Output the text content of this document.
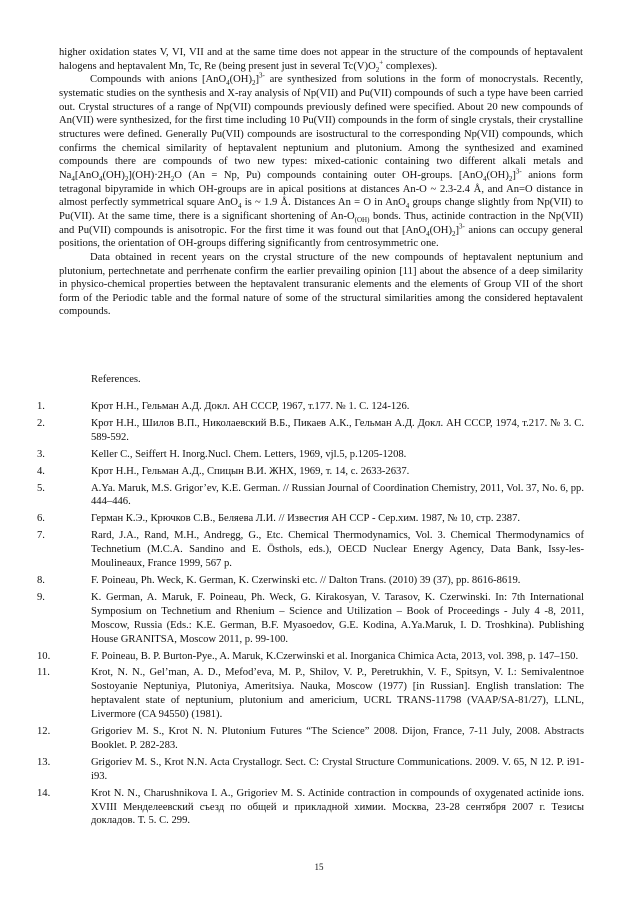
higher oxidation states V, VI, VII and at the same time does not appear in the structure of the compounds of heptavalent halogens and heptavalent Mn, Tc, Re (being present just in several $Tc(V)O_2^+$ complexes).

Compounds with anions $[AnO_4(OH)_2]^{3-}$ are synthesized from solutions in the form of monocrystals. Recently, systematic studies on the synthesis and X-ray analysis of Np(VII) and Pu(VII) compounds of such a type have been carried out. Crystal structures of a range of Np(VII) compounds previously defined were specified. About 20 new compounds of An(VII) were synthesized, for the first time including 10 Pu(VII) compounds in the form of single crystals, their crystalline structures were defined. Generally Pu(VII) compounds are isostructural to the corresponding Np(VII) compounds, which confirms the chemical similarity of heptavalent neptunium and plutonium. Among the synthesized and examined compounds there are compounds of two new types: mixed-cationic containing two different alkali metals and $Na_4[AnO_4(OH)_2](OH)\cdot 2H_2O$ (An = Np, Pu) compounds containing outer OH-groups. $[AnO_4(OH)_2]^{3-}$ anions form tetragonal bipyramide in which OH-groups are in apical positions at distances An-O ~ 2.3-2.4 Å, and An=O distance in almost perfectly symmetrical square AnO$_4$ is ~ 1.9 Å. Distances An = O in AnO$_4$ groups change slightly from Np(VII) to Pu(VII). At the same time, there is a significant shortening of $An-O_{(OH)}$ bonds. Thus, actinide contraction in the Np(VII) and Pu(VII) compounds is anisotropic. For the first time it was found out that $[AnO_4(OH)_2]^{3-}$ anions can occupy general positions, the orientation of OH-groups differing significantly from centrosymmetric one.

Data obtained in recent years on the crystal structure of the new compounds of heptavalent neptunium and plutonium, pertechnetate and perrhenate confirm the earlier prevailing opinion [11] about the absence of a deep similarity in physico-chemical properties between the heptavalent transuranic elements and the elements of Group VII of the short form of the Periodic table and the formal nature of some of the structural similarities among the considered heptavalent compounds.

References.
1.	Крот Н.Н., Гельман А.Д. Докл. АН СССР, 1967, т.177. № 1. С. 124-126.
2.	Крот Н.Н., Шилов В.П., Николаевский В.Б., Пикаев А.К., Гельман А.Д. Докл. АН СССР, 1974, т.217. № 3. С. 589-592.
3.	Keller C., Seiffert H. Inorg.Nucl. Chem. Letters, 1969, vjl.5, p.1205-1208.
4.	Крот Н.Н., Гельман А.Д., Спицын В.И. ЖНХ, 1969, т. 14, с. 2633-2637.
5.	A.Ya. Maruk, M.S. Grigor’ev, K.E. German. // Russian Journal of Coordination Chemistry, 2011, Vol. 37, No. 6, pp. 444–446.
6.	Герман К.Э., Крючков С.В., Беляева Л.И. // Известия АН ССР - Сер.хим. 1987, № 10, стр. 2387.
7.	Rard, J.A., Rand, M.H., Andregg, G., Etc. Chemical Thermodynamics, Vol. 3. Chemical Thermodynamics of Technetium (M.C.A. Sandino and E. Östhols, eds.), OECD Nuclear Energy Agency, Data Bank, Issy-les-Moulineaux, France 1999, 567 p.
8.	F. Poineau, Ph. Weck, K. German, K. Czerwinski etc. // Dalton Trans. (2010) 39 (37), pp. 8616-8619.
9.	K. German, A. Maruk, F. Poineau, Ph. Weck, G. Kirakosyan, V. Tarasov, K. Czerwinski. In: 7th International Symposium on Technetium and Rhenium – Science and Utilization – Book of Proceedings - July 4 -8, 2011, Moscow, Russia (Eds.: K.E. German, B.F. Myasoedov, G.E. Kodina, A.Ya.Maruk, I. D. Troshkina). Publishing House GRANITSA, Moscow 2011, p. 99-100.
10.	F. Poineau, B. P. Burton-Pye., A. Maruk, K.Czerwinski et al. Inorganica Chimica Acta, 2013, vol. 398, p. 147–150.
11.	Krot, N. N., Gel’man, A. D., Mefod’eva, M. P., Shilov, V. P., Peretrukhin, V. F., Spitsyn, V. I.: Semivalentnoe Sostoyanie Neptuniya, Plutoniya, Ameritsiya. Nauka, Moscow (1977) [in Russian]. English translation: The heptavalent state of neptunium, plutonium and americium, UCRL TRANS-11798 (VAAP/SA-81/27), LLNL, Livermore (CA 94550) (1981).
12.	Grigoriev M. S., Krot N. N. Plutonium Futures “The Science” 2008. Dijon, France, 7-11 July, 2008. Abstracts Booklet. P. 282-283.
13.	Grigoriev M. S., Krot N.N. Acta Crystallogr. Sect. C: Crystal Structure Communications. 2009. V. 65, N 12. P. i91-i93.
14.	Krot N. N., Charushnikova I. A., Grigoriev M. S. Actinide contraction in compounds of oxygenated actinide ions. XVIII Менделеевский съезд по общей и прикладной химии. Москва, 23-28 сентября 2007 г. Тезисы докладов. Т. 5. С. 299.
15
